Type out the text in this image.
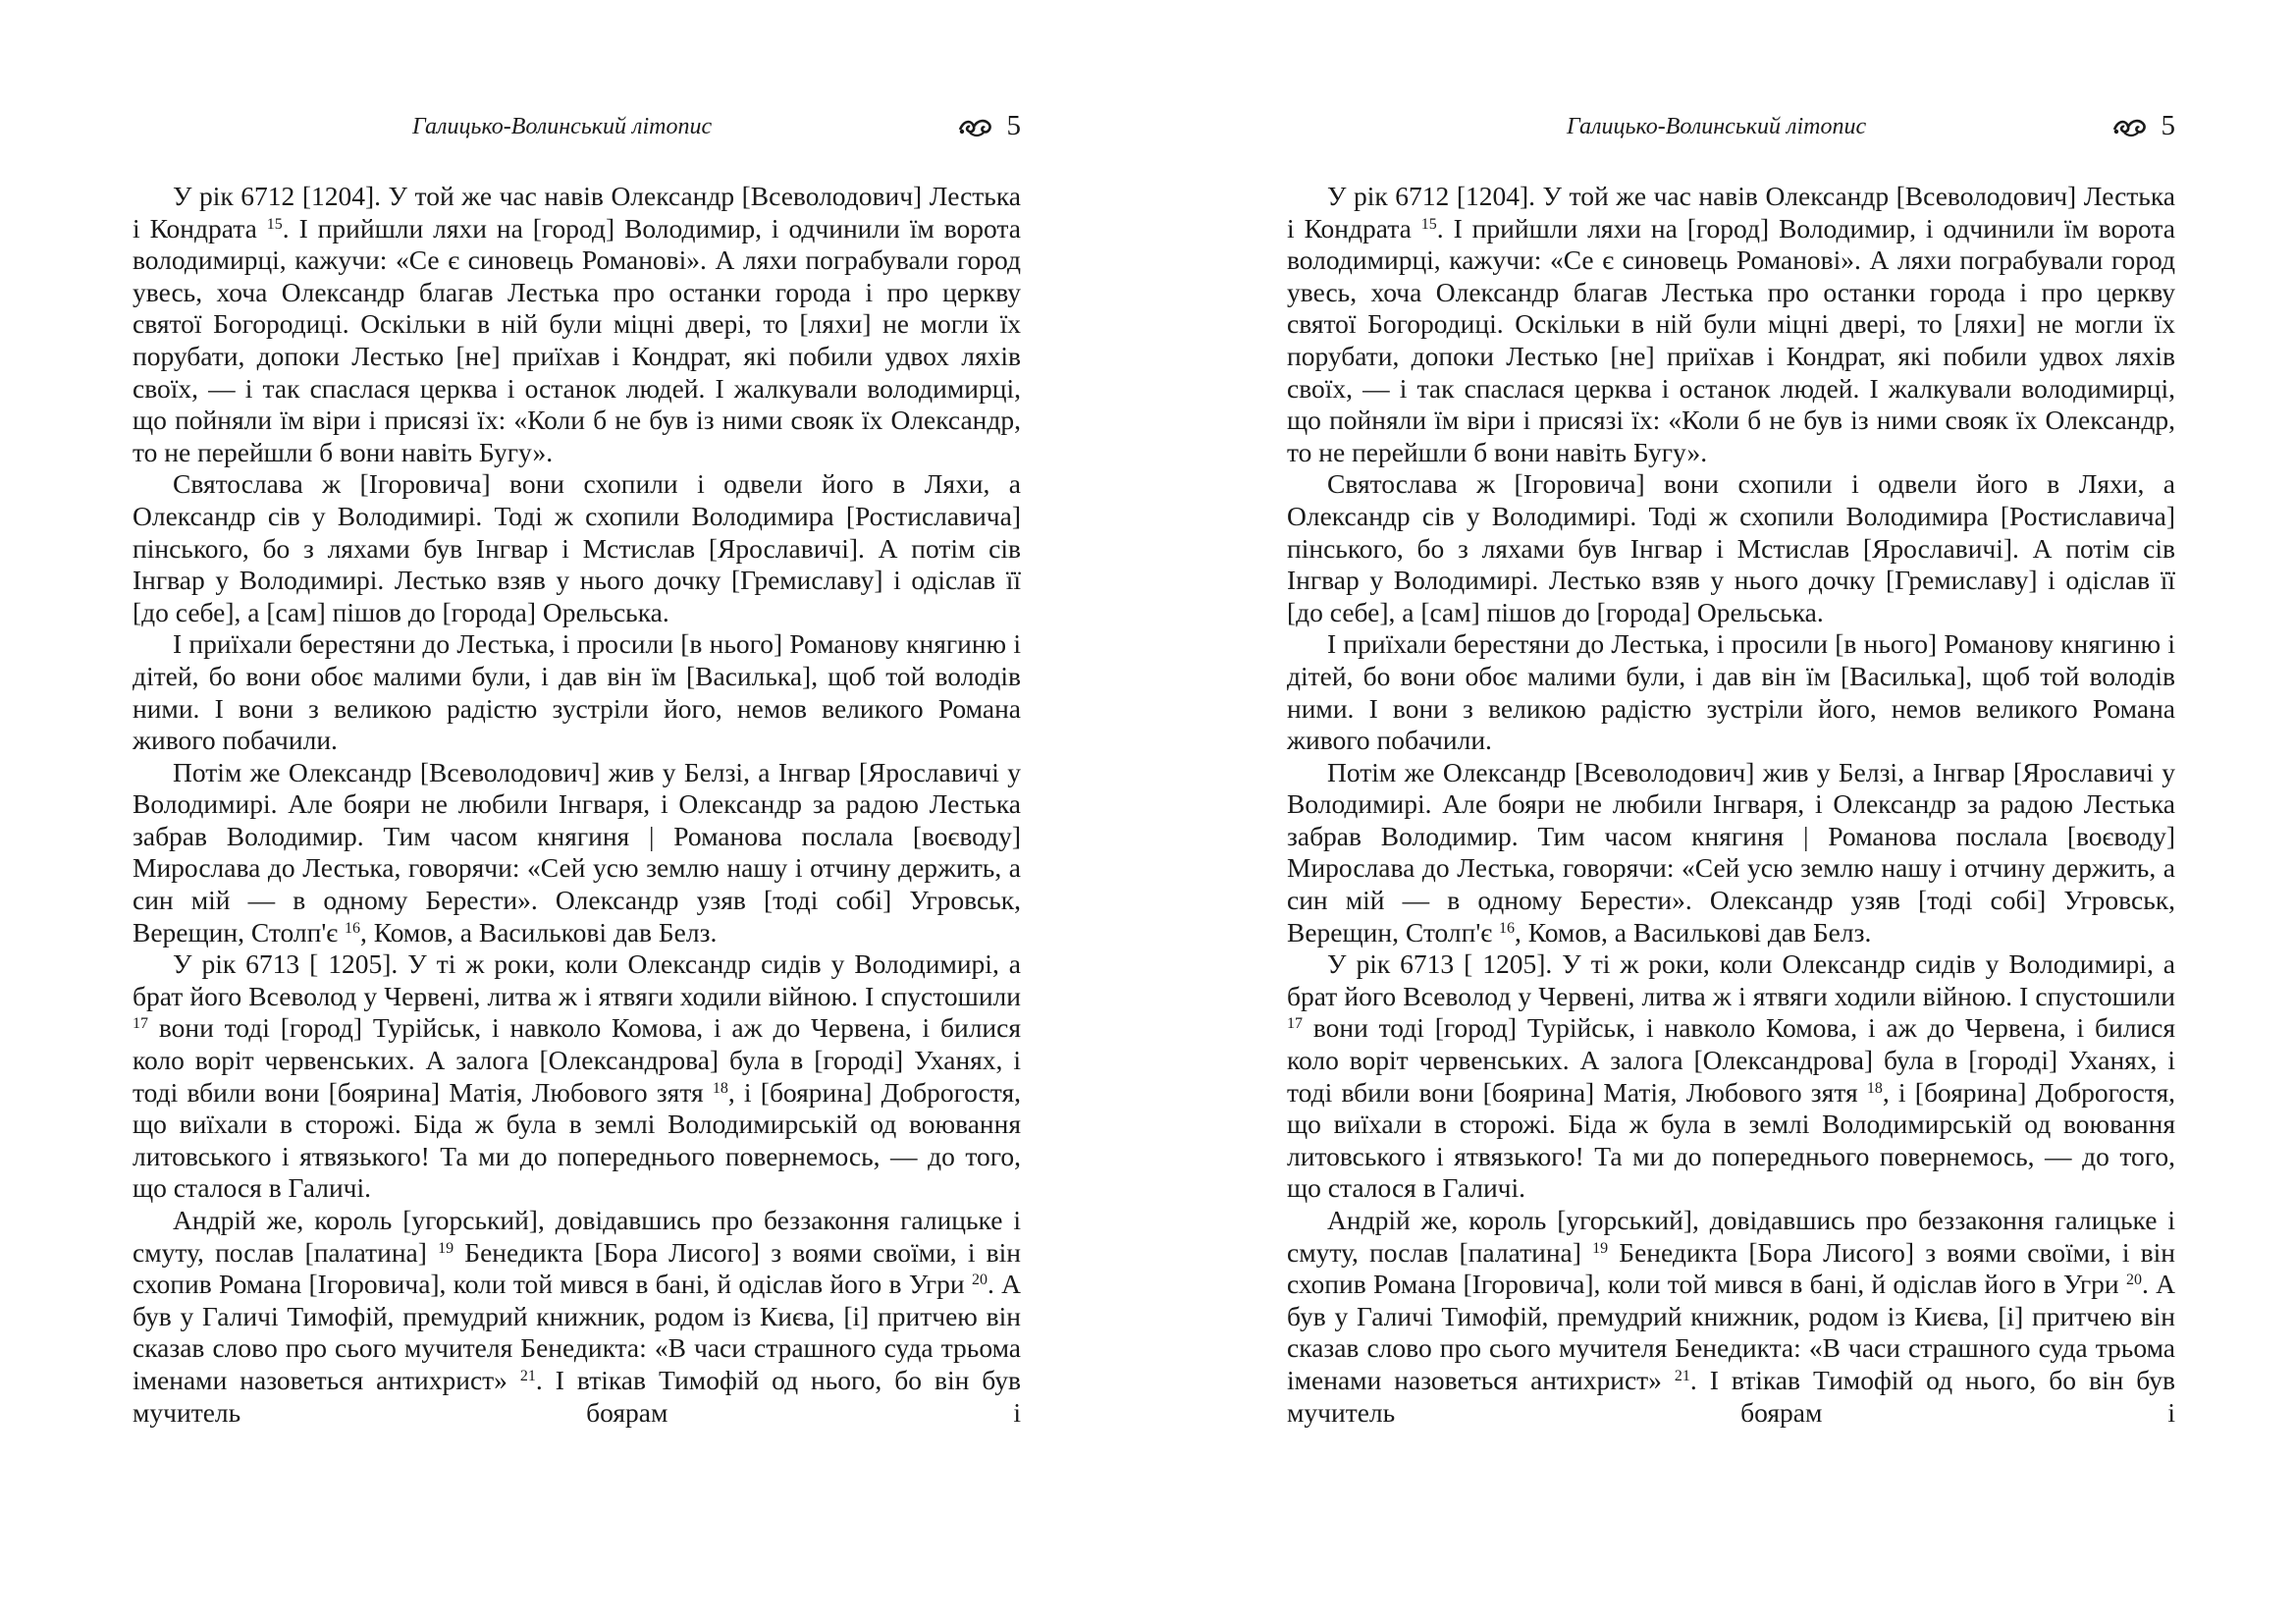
Галицько-Волинський літопис	5

У рік 6712 [1204]. У той же час навів Олександр [Всеволодович] Лестька і Кондрата $^{15}$. І прийшли ляхи на [город] Володимир, і одчинили їм ворота володимирці, кажучи: «Се є синовець Романові». А ляхи пограбували город увесь, хоча Олександр благав Лестька про останки города і про церкву святої Богородиці. Оскільки в ній були міцні двері, то [ляхи] не могли їх порубати, допоки Лестько [не] приїхав і Кондрат, які побили удвох ляхів своїх, — і так спаслася церква і останок людей. І жалкували володимирці, що пойняли їм віри і присязі їх: «Коли б не був із ними свояк їх Олександр, то не перейшли б вони навіть Бугу».

Святослава ж [Ігоровича] вони схопили і одвели його в Ляхи, а Олександр сів у Володимирі. Тоді ж схопили Володимира [Ростиславича] пінського, бо з ляхами був Інгвар і Мстислав [Ярославичі]. А потім сів Інгвар у Володимирі. Лестько взяв у нього дочку [Гремиславу] і одіслав її [до себе], а [сам] пішов до [города] Орельська.

І приїхали берестяни до Лестька, і просили [в нього] Романову княгиню і дітей, бо вони обоє малими були, і дав він їм [Василька], щоб той володів ними. І вони з великою радістю зустріли його, немов великого Романа живого побачили.

Потім же Олександр [Всеволодович] жив у Белзі, а Інгвар [Ярославичі у Володимирі. Але бояри не любили Інгваря, і Олександр за радою Лестька забрав Володимир. Тим часом княгиня | Романова послала [воєводу] Мирослава до Лестька, говорячи: «Сей усю землю нашу і отчину держить, а син мій — в одному Берести». Олександр узяв [тоді собі] Угровськ, Верещин, Столп'є $^{16}$, Комов, а Василькові дав Белз.

У рік 6713 [ 1205]. У ті ж роки, коли Олександр сидів у Володимирі, а брат його Всеволод у Червені, литва ж і ятвяги ходили війною. І спустошили $^{17}$ вони тоді [город] Турійськ, і навколо Комова, і аж до Червена, і билися коло воріт червенських. А залога [Олександрова] була в [городі] Уханях, і тоді вбили вони [боярина] Матія, Любового зятя $^{18}$, і [боярина] Доброгостя, що виїхали в сторожі. Біда ж була в землі Володимирській од воювання литовського і ятвязького! Та ми до попереднього повернемось, — до того, що сталося в Галичі.

Андрій же, король [угорський], довідавшись про беззаконня галицьке і смуту, послав [палатина] $^{19}$ Бенедикта [Бора Лисого] з воями своїми, і він схопив Романа [Ігоровича], коли той мився в бані, й одіслав його в Угри $^{20}$. А був у Галичі Тимофій, премудрий книжник, родом із Києва, [і] притчею він сказав слово про сього мучителя Бенедикта: «В часи страшного суда трьома іменами назоветься антихрист» $^{21}$. І втікав Тимофій од нього, бо він був мучитель боярам і

Галицько-Волинський літопис	5

У рік 6712 [1204]. У той же час навів Олександр [Всеволодович] Лестька і Кондрата $^{15}$. І прийшли ляхи на [город] Володимир, і одчинили їм ворота володимирці, кажучи: «Се є синовець Романові». А ляхи пограбували город увесь, хоча Олександр благав Лестька про останки города і про церкву святої Богородиці. Оскільки в ній були міцні двері, то [ляхи] не могли їх порубати, допоки Лестько [не] приїхав і Кондрат, які побили удвох ляхів своїх, — і так спаслася церква і останок людей. І жалкували володимирці, що пойняли їм віри і присязі їх: «Коли б не був із ними свояк їх Олександр, то не перейшли б вони навіть Бугу».

Святослава ж [Ігоровича] вони схопили і одвели його в Ляхи, а Олександр сів у Володимирі. Тоді ж схопили Володимира [Ростиславича] пінського, бо з ляхами був Інгвар і Мстислав [Ярославичі]. А потім сів Інгвар у Володимирі. Лестько взяв у нього дочку [Гремиславу] і одіслав її [до себе], а [сам] пішов до [города] Орельська.

І приїхали берестяни до Лестька, і просили [в нього] Романову княгиню і дітей, бо вони обоє малими були, і дав він їм [Василька], щоб той володів ними. І вони з великою радістю зустріли його, немов великого Романа живого побачили.

Потім же Олександр [Всеволодович] жив у Белзі, а Інгвар [Ярославичі у Володимирі. Але бояри не любили Інгваря, і Олександр за радою Лестька забрав Володимир. Тим часом княгиня | Романова послала [воєводу] Мирослава до Лестька, говорячи: «Сей усю землю нашу і отчину держить, а син мій — в одному Берести». Олександр узяв [тоді собі] Угровськ, Верещин, Столп'є $^{16}$, Комов, а Василькові дав Белз.

У рік 6713 [ 1205]. У ті ж роки, коли Олександр сидів у Володимирі, а брат його Всеволод у Червені, литва ж і ятвяги ходили війною. І спустошили $^{17}$ вони тоді [город] Турійськ, і навколо Комова, і аж до Червена, і билися коло воріт червенських. А залога [Олександрова] була в [городі] Уханях, і тоді вбили вони [боярина] Матія, Любового зятя $^{18}$, і [боярина] Доброгостя, що виїхали в сторожі. Біда ж була в землі Володимирській од воювання литовського і ятвязького! Та ми до попереднього повернемось, — до того, що сталося в Галичі.

Андрій же, король [угорський], довідавшись про беззаконня галицьке і смуту, послав [палатина] $^{19}$ Бенедикта [Бора Лисого] з воями своїми, і він схопив Романа [Ігоровича], коли той мився в бані, й одіслав його в Угри $^{20}$. А був у Галичі Тимофій, премудрий книжник, родом із Києва, [і] притчею він сказав слово про сього мучителя Бенедикта: «В часи страшного суда трьома іменами назоветься антихрист» $^{21}$. І втікав Тимофій од нього, бо він був мучитель боярам і
